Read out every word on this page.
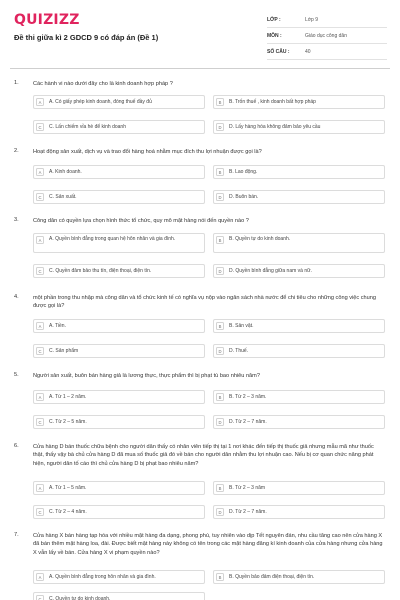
QUIZIZZ
Đề thi giữa kì 2 GDCD 9 có đáp án (Đề 1)
LỚP :	Lớp 9
MÔN :	Giáo dục công dân
SỐ CÂU :	40
1.	Các hành vi nào dưới đây cho là kinh doanh hợp pháp ?
A	A. Có giấy phép kinh doanh, đóng thuế đầy đủ	B	B. Trốn thuế , kinh doanh bất hợp pháp
C	C. Lấn chiếm vỉa hè để kinh doanh	D	D. Lấy hàng hóa không đảm bảo yêu cầu
2.	Hoạt động sản xuất, dịch vụ và trao đổi hàng hoá nhằm mục đích thu lợi nhuận được gọi là?
A	A. Kinh doanh.	B	B. Lao động.
C	C. Sản xuất.	D	D. Buôn bán.
3.	Công dân có quyền lựa chọn hình thức tổ chức, quy mô mặt hàng nói đến quyền nào ?
A	A. Quyền bình đẳng trong quan hệ hôn nhân và gia đình.	B	B. Quyền tự do kinh doanh.
C	C. Quyền đảm bảo thu tín, điện thoại, điện tín.	D	D. Quyền bình đẳng giữa nam và nữ.
4.	một phần trong thu nhập mà công dân và tổ chức kinh tế có nghĩa vụ nộp vào ngân sách nhà nước để chi tiêu cho những công việc chung được gọi là?
A	A. Tiền.	B	B. Sản vật.
C	C. Sản phẩm	D	D. Thuế.
5.	Người sản xuất, buôn bán hàng giả là lương thực, thực phẩm thì bị phạt tù bao nhiêu năm?
A	A. Từ 1 – 2 năm.	B	B. Từ 2 – 3 năm.
C	C. Từ 2 – 5 năm.	D	D. Từ 2 – 7 năm.
6.	Cửa hàng D bán thuốc chữa bệnh cho người dân thấy có nhân viên tiếp thị tại 1 nơi khác đến tiếp thị thuốc giả nhưng mẫu mã như thuốc thật, thấy vậy bà chủ cửa hàng D đã mua số thuốc giả đó về bán cho người dân nhằm thu lợi nhuận cao. Nếu bị cơ quan chức năng phát hiện, người dân tố cáo thì chủ cửa hàng D bị phạt bao nhiêu năm?
A	A. Từ 1 – 5 năm.	B	B. Từ 2 – 3 năm
C	C. Từ 2 – 4 năm.	D	D. Từ 2 – 7 năm.
7.	Cửa hàng X bán hàng tạp hóa với nhiều mặt hàng đa dạng, phong phú, tuy nhiên vào dịp Tết nguyên đán, nhu cầu tăng cao nên cửa hàng X đã bán thêm mặt hàng loa, đài. Được biết mặt hàng này không có tên trong các mặt hàng đăng kí kinh doanh của cửa hàng nhưng cửa hàng X vẫn lấy về bán. Cửa hàng X vi phạm quyền nào?
A	A. Quyền bình đẳng trong hôn nhân và gia đình.	B	B. Quyền bảo đảm điện thoại, điện tín.
C	C. Quyền tự do kinh doanh.
